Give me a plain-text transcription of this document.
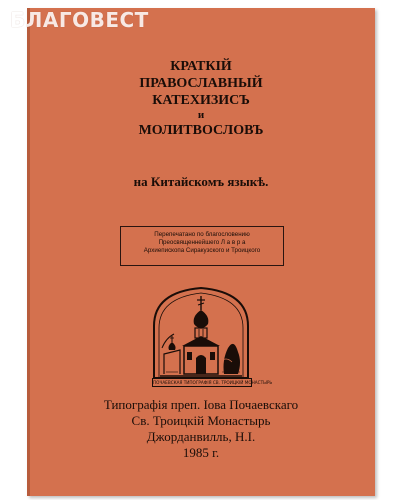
БЛАГОВЕСТ
КРАТКІЙ
ПРАВОСЛАВНЫЙ
КАТЕХИЗИСЪ
и
МОЛИТВОСЛОВЪ
на Китайскомъ языкѣ.
Перепечатано по благословению
Преосвященнейшего Л а в р а
Архиепископа Сиракузского и Троицкого
ПОЧАЕВСКАЯ ТИПОГРАФІЯ СВ. ТРОИЦКІЙ МОНАСТЫРЬ
Типографія преп. Іова Почаевскаго
Св. Троицкій Монастырь
Джорданвилль, Н.І.
1985 г.
